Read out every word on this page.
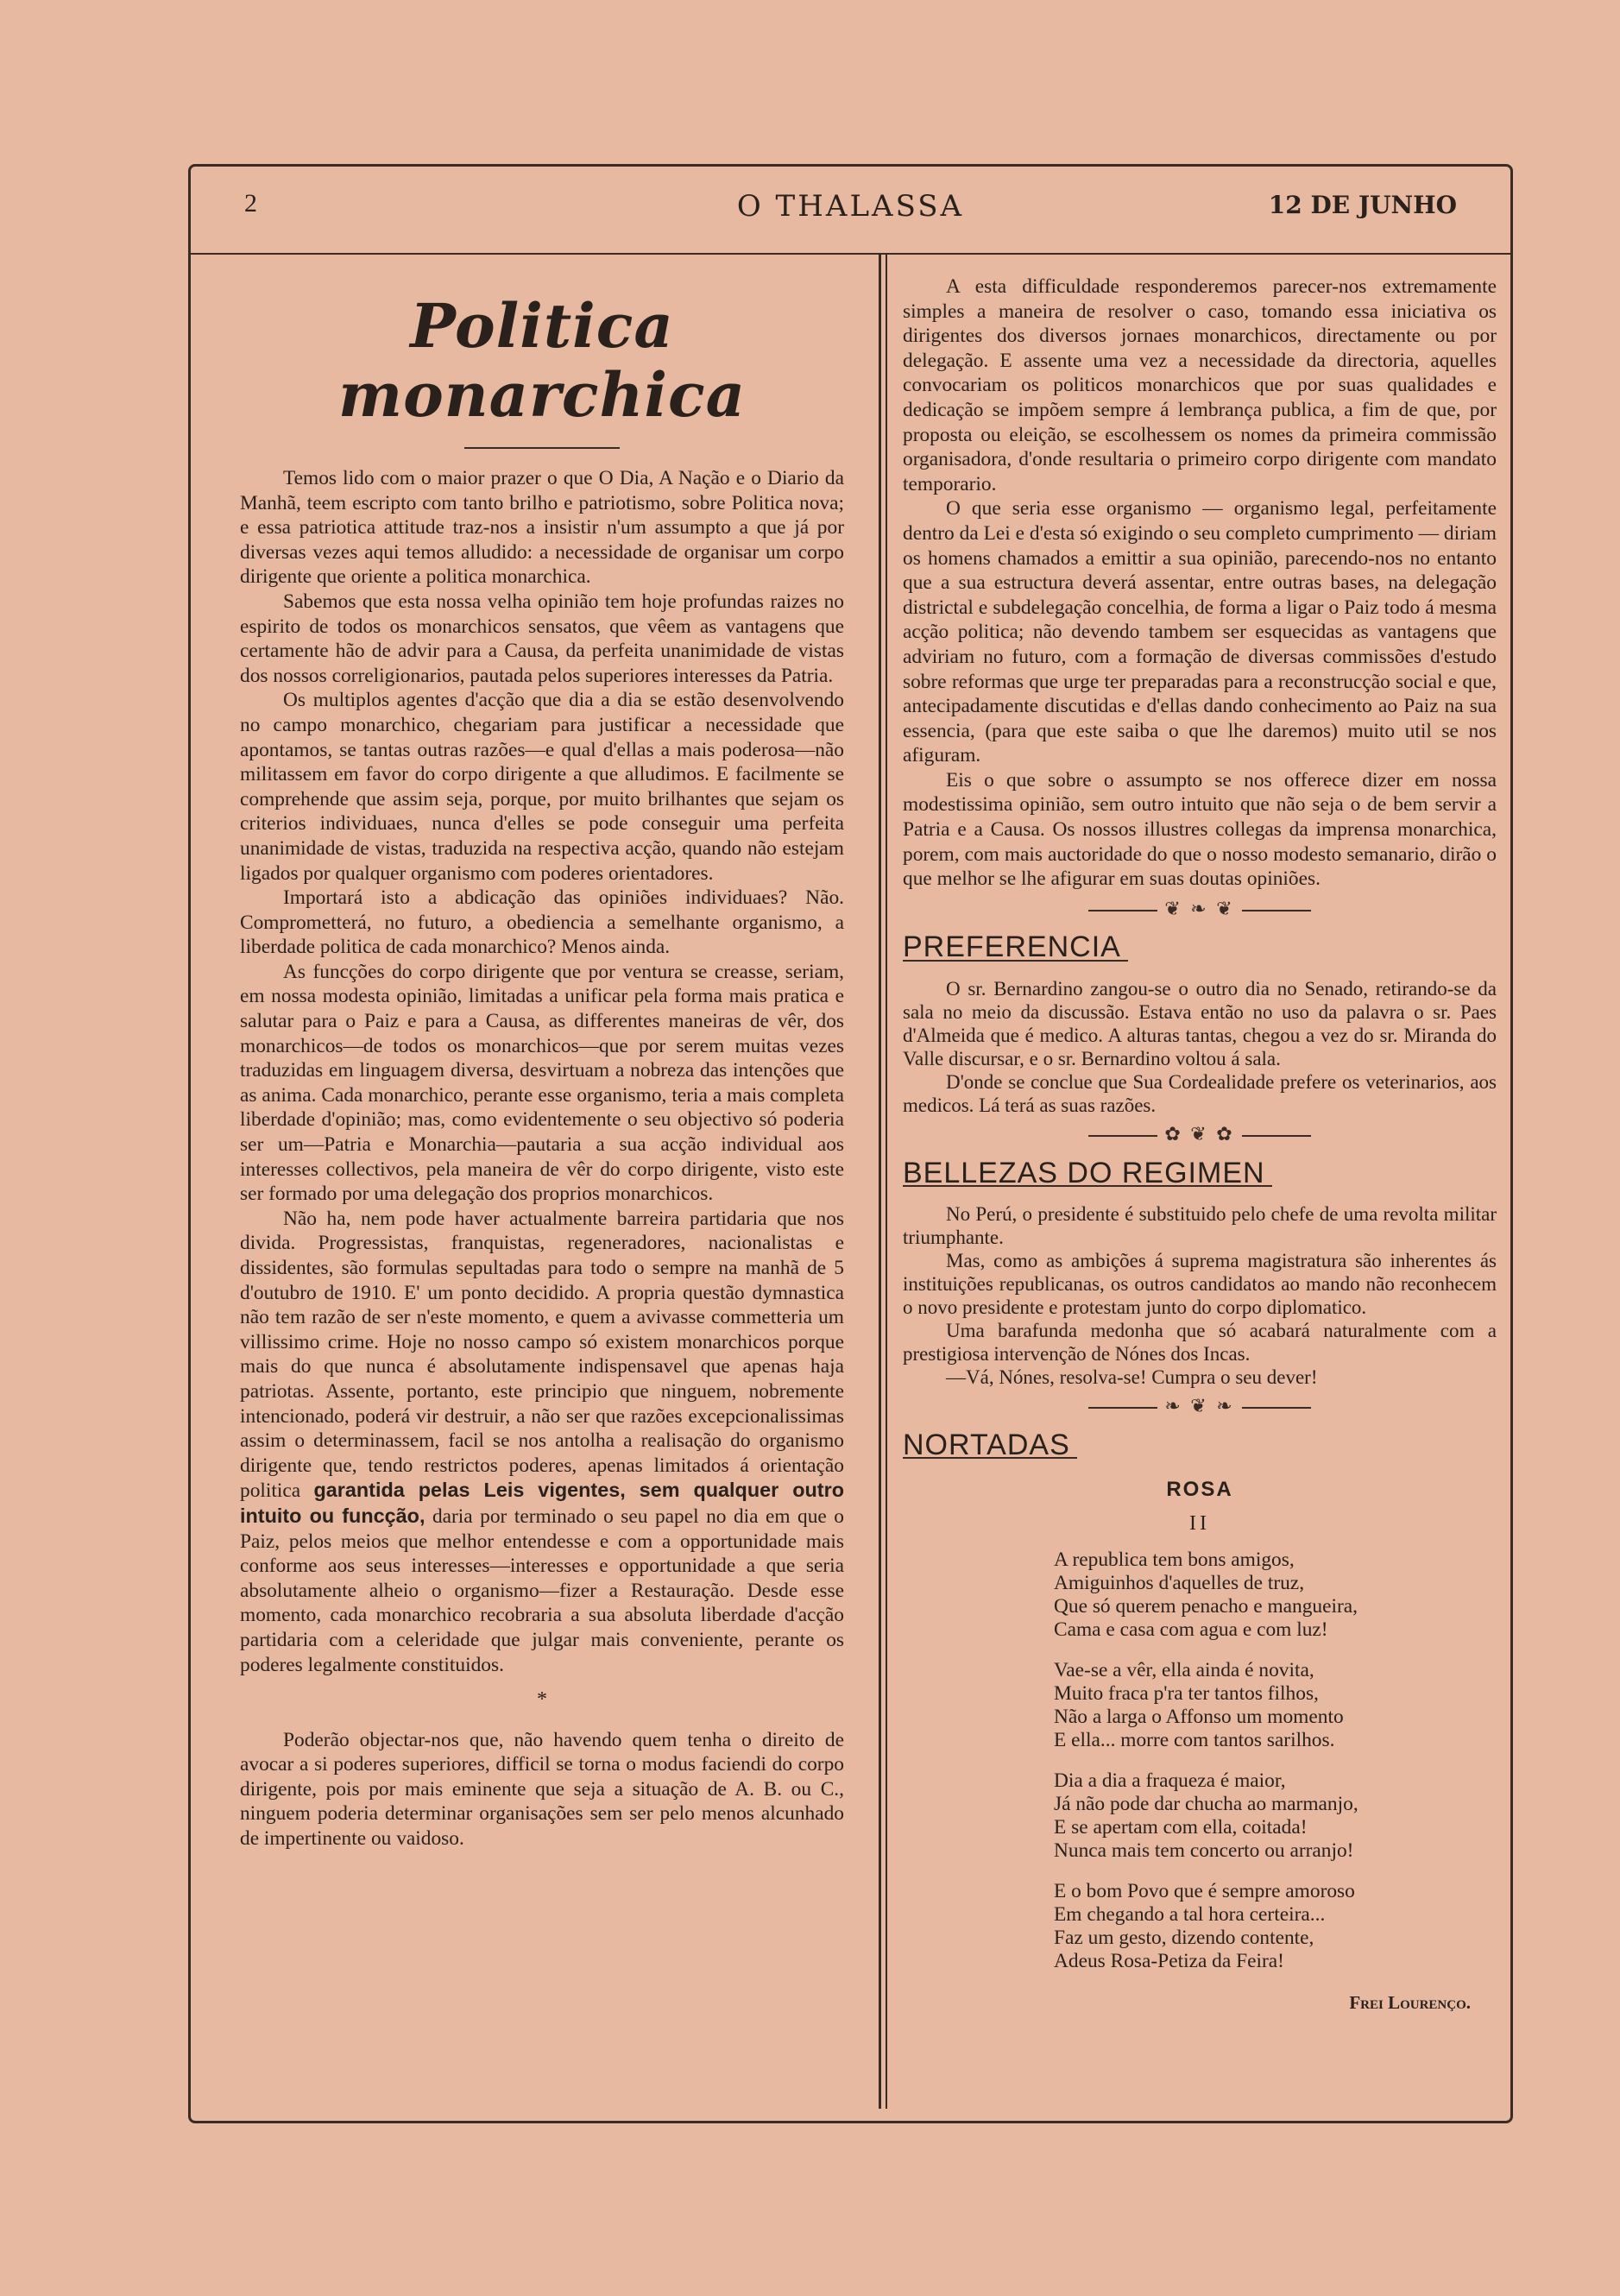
2	O THALASSA	12 DE JUNHO
Politica monarchica

Temos lido com o maior prazer o que O Dia, A Nação e o Diario da Manhã, teem escripto com tanto brilho e patriotismo, sobre Politica nova; e essa patriotica attitude traz-nos a insistir n'um assumpto a que já por diversas vezes aqui temos alludido: a necessidade de organisar um corpo dirigente que oriente a politica monarchica.

Sabemos que esta nossa velha opinião tem hoje profundas raizes no espirito de todos os monarchicos sensatos, que vêem as vantagens que certamente hão de advir para a Causa, da perfeita unanimidade de vistas dos nossos correligionarios, pautada pelos superiores interesses da Patria.

Os multiplos agentes d'acção que dia a dia se estão desenvolvendo no campo monarchico, chegariam para justificar a necessidade que apontamos, se tantas outras razões—e qual d'ellas a mais poderosa—não militassem em favor do corpo dirigente a que alludimos. E facilmente se comprehende que assim seja, porque, por muito brilhantes que sejam os criterios individuaes, nunca d'elles se pode conseguir uma perfeita unanimidade de vistas, traduzida na respectiva acção, quando não estejam ligados por qualquer organismo com poderes orientadores.

Importará isto a abdicação das opiniões individuaes? Não. Comprometterá, no futuro, a obediencia a semelhante organismo, a liberdade politica de cada monarchico? Menos ainda.

As funcções do corpo dirigente que por ventura se creasse, seriam, em nossa modesta opinião, limitadas a unificar pela forma mais pratica e salutar para o Paiz e para a Causa, as differentes maneiras de vêr, dos monarchicos—de todos os monarchicos—que por serem muitas vezes traduzidas em linguagem diversa, desvirtuam a nobreza das intenções que as anima. Cada monarchico, perante esse organismo, teria a mais completa liberdade d'opinião; mas, como evidentemente o seu objectivo só poderia ser um—Patria e Monarchia—pautaria a sua acção individual aos interesses collectivos, pela maneira de vêr do corpo dirigente, visto este ser formado por uma delegação dos proprios monarchicos.

Não ha, nem pode haver actualmente barreira partidaria que nos divida. Progressistas, franquistas, regeneradores, nacionalistas e dissidentes, são formulas sepultadas para todo o sempre na manhã de 5 d'outubro de 1910. E' um ponto decidido. A propria questão dymnastica não tem razão de ser n'este momento, e quem a avivasse commetteria um villissimo crime. Hoje no nosso campo só existem monarchicos porque mais do que nunca é absolutamente indispensavel que apenas haja patriotas. Assente, portanto, este principio que ninguem, nobremente intencionado, poderá vir destruir, a não ser que razões excepcionalissimas assim o determinassem, facil se nos antolha a realisação do organismo dirigente que, tendo restrictos poderes, apenas limitados á orientação politica garantida pelas Leis vigentes, sem qualquer outro intuito ou funcção, daria por terminado o seu papel no dia em que o Paiz, pelos meios que melhor entendesse e com a opportunidade mais conforme aos seus interesses—interesses e opportunidade a que seria absolutamente alheio o organismo—fizer a Restauração. Desde esse momento, cada monarchico recobraria a sua absoluta liberdade d'acção partidaria com a celeridade que julgar mais conveniente, perante os poderes legalmente constituidos.

*

Poderão objectar-nos que, não havendo quem tenha o direito de avocar a si poderes superiores, difficil se torna o modus faciendi do corpo dirigente, pois por mais eminente que seja a situação de A. B. ou C., ninguem poderia determinar organisações sem ser pelo menos alcunhado de impertinente ou vaidoso.

A esta difficuldade responderemos parecer-nos extremamente simples a maneira de resolver o caso, tomando essa iniciativa os dirigentes dos diversos jornaes monarchicos, directamente ou por delegação. E assente uma vez a necessidade da directoria, aquelles convocariam os politicos monarchicos que por suas qualidades e dedicação se impõem sempre á lembrança publica, a fim de que, por proposta ou eleição, se escolhessem os nomes da primeira commissão organisadora, d'onde resultaria o primeiro corpo dirigente com mandato temporario.

O que seria esse organismo — organismo legal, perfeitamente dentro da Lei e d'esta só exigindo o seu completo cumprimento — diriam os homens chamados a emittir a sua opinião, parecendo-nos no entanto que a sua estructura deverá assentar, entre outras bases, na delegação districtal e subdelegação concelhia, de forma a ligar o Paiz todo á mesma acção politica; não devendo tambem ser esquecidas as vantagens que adviriam no futuro, com a formação de diversas commissões d'estudo sobre reformas que urge ter preparadas para a reconstrucção social e que, antecipadamente discutidas e d'ellas dando conhecimento ao Paiz na sua essencia, (para que este saiba o que lhe daremos) muito util se nos afiguram.

Eis o que sobre o assumpto se nos offerece dizer em nossa modestissima opinião, sem outro intuito que não seja o de bem servir a Patria e a Causa. Os nossos illustres collegas da imprensa monarchica, porem, com mais auctoridade do que o nosso modesto semanario, dirão o que melhor se lhe afigurar em suas doutas opiniões.

❦ ❧ ❦
PREFERENCIA

O sr. Bernardino zangou-se o outro dia no Senado, retirando-se da sala no meio da discussão. Estava então no uso da palavra o sr. Paes d'Almeida que é medico. A alturas tantas, chegou a vez do sr. Miranda do Valle discursar, e o sr. Bernardino voltou á sala.

D'onde se conclue que Sua Cordealidade prefere os veterinarios, aos medicos. Lá terá as suas razões.

✿ ❦ ✿
BELLEZAS DO REGIMEN

No Perú, o presidente é substituido pelo chefe de uma revolta militar triumphante.

Mas, como as ambições á suprema magistratura são inherentes ás instituições republicanas, os outros candidatos ao mando não reconhecem o novo presidente e protestam junto do corpo diplomatico.

Uma barafunda medonha que só acabará naturalmente com a prestigiosa intervenção de Nónes dos Incas.

—Vá, Nónes, resolva-se! Cumpra o seu dever!

❧ ❦ ❧
NORTADAS
ROSA
II
A republica tem bons amigos,
Amiguinhos d'aquelles de truz,
Que só querem penacho e mangueira,
Cama e casa com agua e com luz!
Vae-se a vêr, ella ainda é novita,
Muito fraca p'ra ter tantos filhos,
Não a larga o Affonso um momento
E ella... morre com tantos sarilhos.
Dia a dia a fraqueza é maior,
Já não pode dar chucha ao marmanjo,
E se apertam com ella, coitada!
Nunca mais tem concerto ou arranjo!
E o bom Povo que é sempre amoroso
Em chegando a tal hora certeira...
Faz um gesto, dizendo contente,
Adeus Rosa-Petiza da Feira!
Frei Lourenço.
